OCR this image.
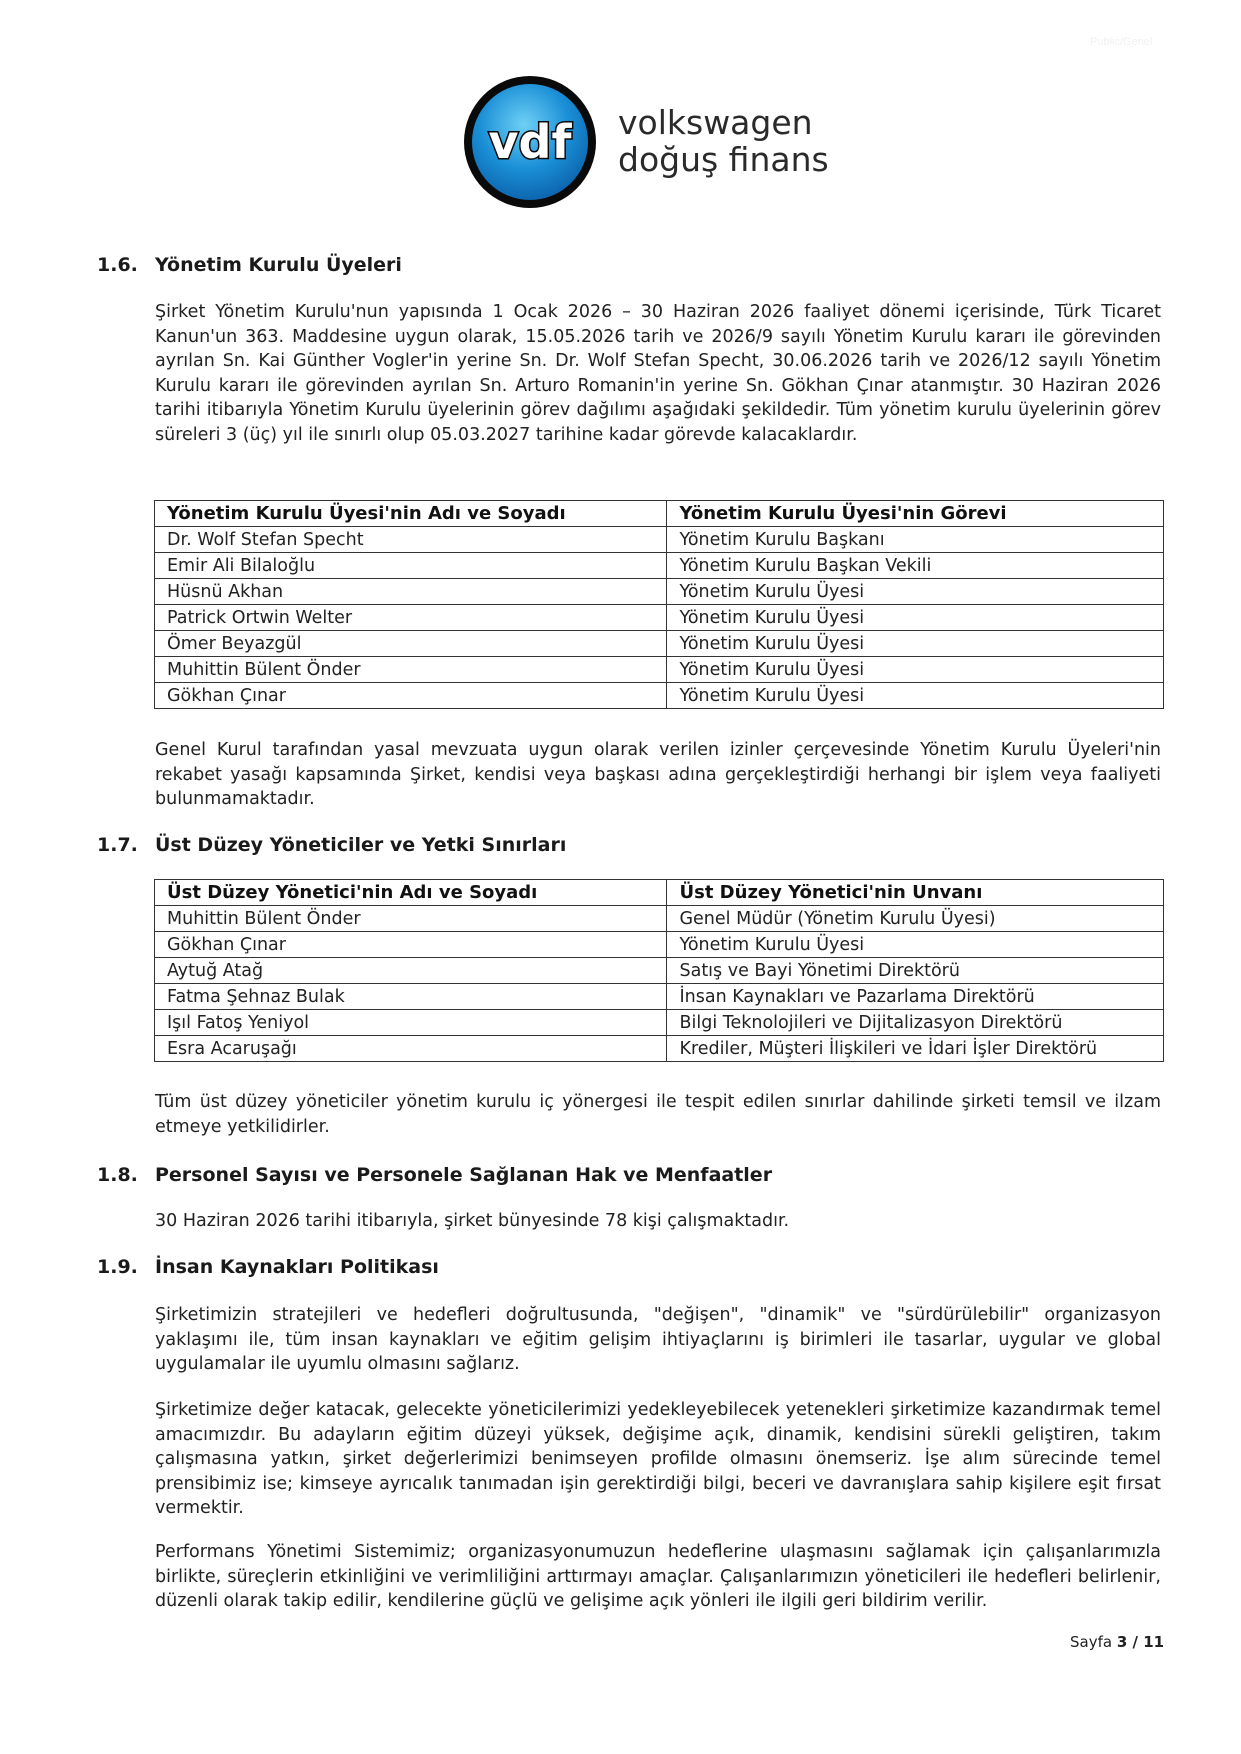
Public/Genel
vdf volkswagen
doğuş finans
1.6. Yönetim Kurulu Üyeleri
Şirket Yönetim Kurulu'nun yapısında 1 Ocak 2026 – 30 Haziran 2026 faaliyet dönemi içerisinde, Türk Ticaret Kanun'un 363. Maddesine uygun olarak, 15.05.2026 tarih ve 2026/9 sayılı Yönetim Kurulu kararı ile görevinden ayrılan Sn. Kai Günther Vogler'in yerine Sn. Dr. Wolf Stefan Specht, 30.06.2026 tarih ve 2026/12 sayılı Yönetim Kurulu kararı ile görevinden ayrılan Sn. Arturo Romanin'in yerine Sn. Gökhan Çınar atanmıştır. 30 Haziran 2026 tarihi itibarıyla Yönetim Kurulu üyelerinin görev dağılımı aşağıdaki şekildedir. Tüm yönetim kurulu üyelerinin görev süreleri 3 (üç) yıl ile sınırlı olup 05.03.2027 tarihine kadar görevde kalacaklardır.
Yönetim Kurulu Üyesi'nin Adı ve Soyadı	Yönetim Kurulu Üyesi'nin Görevi
Dr. Wolf Stefan Specht	Yönetim Kurulu Başkanı
Emir Ali Bilaloğlu	Yönetim Kurulu Başkan Vekili
Hüsnü Akhan	Yönetim Kurulu Üyesi
Patrick Ortwin Welter	Yönetim Kurulu Üyesi
Ömer Beyazgül	Yönetim Kurulu Üyesi
Muhittin Bülent Önder	Yönetim Kurulu Üyesi
Gökhan Çınar	Yönetim Kurulu Üyesi
Genel Kurul tarafından yasal mevzuata uygun olarak verilen izinler çerçevesinde Yönetim Kurulu Üyeleri'nin rekabet yasağı kapsamında Şirket, kendisi veya başkası adına gerçekleştirdiği herhangi bir işlem veya faaliyeti bulunmamaktadır.
1.7. Üst Düzey Yöneticiler ve Yetki Sınırları
Üst Düzey Yönetici'nin Adı ve Soyadı	Üst Düzey Yönetici'nin Unvanı
Muhittin Bülent Önder	Genel Müdür (Yönetim Kurulu Üyesi)
Gökhan Çınar	Yönetim Kurulu Üyesi
Aytuğ Atağ	Satış ve Bayi Yönetimi Direktörü
Fatma Şehnaz Bulak	İnsan Kaynakları ve Pazarlama Direktörü
Işıl Fatoş Yeniyol	Bilgi Teknolojileri ve Dijitalizasyon Direktörü
Esra Acaruşağı	Krediler, Müşteri İlişkileri ve İdari İşler Direktörü
Tüm üst düzey yöneticiler yönetim kurulu iç yönergesi ile tespit edilen sınırlar dahilinde şirketi temsil ve ilzam etmeye yetkilidirler.
1.8. Personel Sayısı ve Personele Sağlanan Hak ve Menfaatler
30 Haziran 2026 tarihi itibarıyla, şirket bünyesinde 78 kişi çalışmaktadır.
1.9. İnsan Kaynakları Politikası
Şirketimizin stratejileri ve hedefleri doğrultusunda, "değişen", "dinamik" ve "sürdürülebilir" organizasyon yaklaşımı ile, tüm insan kaynakları ve eğitim gelişim ihtiyaçlarını iş birimleri ile tasarlar, uygular ve global uygulamalar ile uyumlu olmasını sağlarız.
Şirketimize değer katacak, gelecekte yöneticilerimizi yedekleyebilecek yetenekleri şirketimize kazandırmak temel amacımızdır. Bu adayların eğitim düzeyi yüksek, değişime açık, dinamik, kendisini sürekli geliştiren, takım çalışmasına yatkın, şirket değerlerimizi benimseyen profilde olmasını önemseriz. İşe alım sürecinde temel prensibimiz ise; kimseye ayrıcalık tanımadan işin gerektirdiği bilgi, beceri ve davranışlara sahip kişilere eşit fırsat vermektir.
Performans Yönetimi Sistemimiz; organizasyonumuzun hedeflerine ulaşmasını sağlamak için çalışanlarımızla birlikte, süreçlerin etkinliğini ve verimliliğini arttırmayı amaçlar. Çalışanlarımızın yöneticileri ile hedefleri belirlenir, düzenli olarak takip edilir, kendilerine güçlü ve gelişime açık yönleri ile ilgili geri bildirim verilir.
Sayfa 3 / 11
